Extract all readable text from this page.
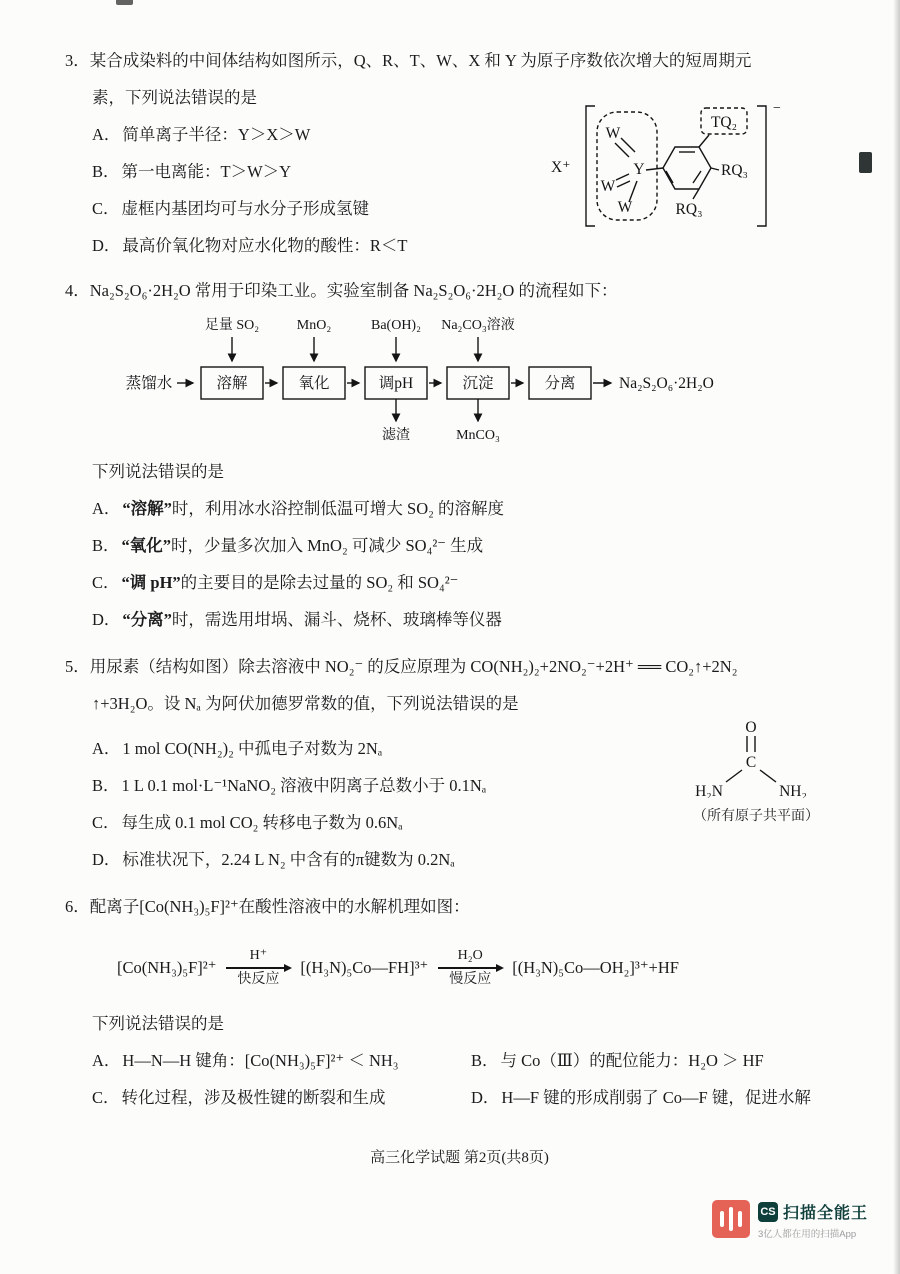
3．某合成染料的中间体结构如图所示，Q、R、T、W、X 和 Y 为原子序数依次增大的短周期元
素，下列说法错误的是
A． 简单离子半径：Y＞X＞W
B． 第一电离能：T＞W＞Y
C． 虚框内基团均可与水分子形成氢键
D． 最高价氧化物对应水化物的酸性：R＜T
X⁺
−
W
Y
W
W
TQ₂
RQ₃
RQ₃
4．Na₂S₂O₆·2H₂O 常用于印染工业。实验室制备 Na₂S₂O₆·2H₂O 的流程如下：
蒸馏水	溶解	氧化	调pH	沉淀	分离
足量 SO₂	MnO₂	Ba(OH)₂ Na₂CO₃溶液
滤渣	MnCO₃
Na₂S₂O₆·2H₂O
下列说法错误的是
A． “溶解”时，利用冰水浴控制低温可增大 SO₂ 的溶解度
B． “氧化”时，少量多次加入 MnO₂ 可减少 SO₄²⁻ 生成
C． “调 pH”的主要目的是除去过量的 SO₂ 和 SO₄²⁻
D． “分离”时，需选用坩埚、漏斗、烧杯、玻璃棒等仪器
5．用尿素（结构如图）除去溶液中 NO₂⁻ 的反应原理为 CO(NH₂)₂+2NO₂⁻+2H⁺ ══ CO₂↑+2N₂
↑+3H₂O。设 Nₐ 为阿伏加德罗常数的值，下列说法错误的是
A． 1 mol CO(NH₂)₂ 中孤电子对数为 2Nₐ
B． 1 L 0.1 mol·L⁻¹NaNO₂ 溶液中阴离子总数小于 0.1Nₐ
C． 每生成 0.1 mol CO₂ 转移电子数为 0.6Nₐ
D． 标准状况下，2.24 L N₂ 中含有的π键数为 0.2Nₐ
O
C
H₂N	NH₂
（所有原子共平面）
6．配离子[Co(NH₃)₅F]²⁺在酸性溶液中的水解机理如图：
[Co(NH₃)₅F]²⁺
H⁺
快反应
[(H₃N)₅Co—FH]³⁺
H₂O
慢反应
[(H₃N)₅Co—OH₂]³⁺+HF
下列说法错误的是
A． H—N—H 键角：[Co(NH₃)₅F]²⁺ ＜ NH₃	B． 与 Co（Ⅲ）的配位能力：H₂O ＞ HF
C． 转化过程，涉及极性键的断裂和生成	D． H—F 键的形成削弱了 Co—F 键，促进水解
高三化学试题 第2页(共8页)
CS 扫描全能王
3亿人都在用的扫描App
